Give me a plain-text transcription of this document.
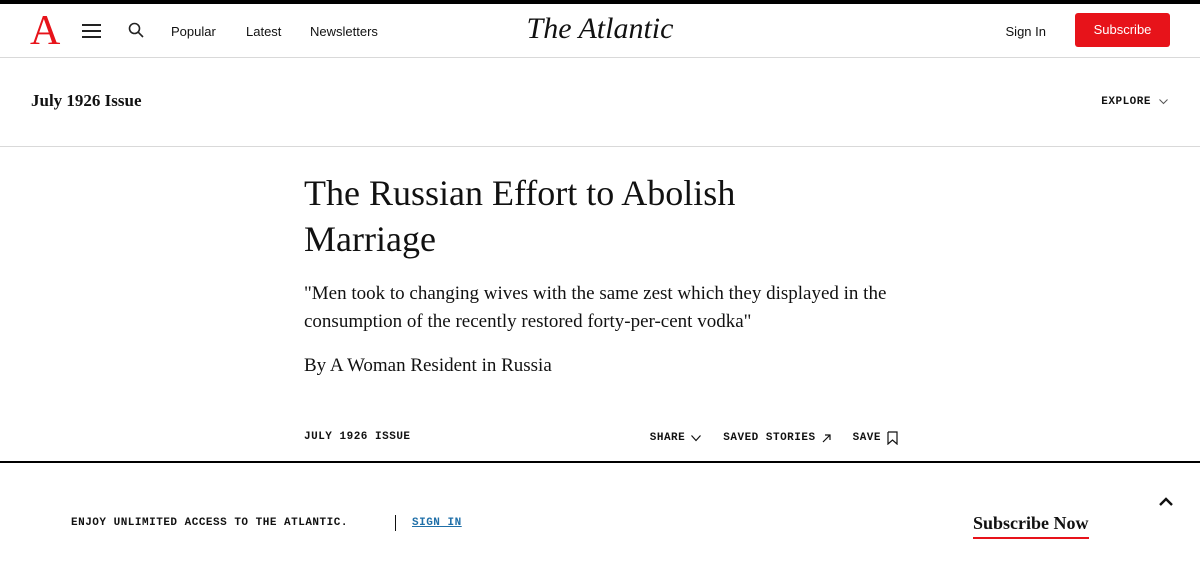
A	Popular Latest Newsletters	The Atlantic	Sign In	Subscribe
July 1926 Issue	EXPLORE
The Russian Effort to Abolish Marriage

"Men took to changing wives with the same zest which they displayed in the consumption of the recently restored forty-per-cent vodka"

By A Woman Resident in Russia

JULY 1926 ISSUE	SHARE	SAVED STORIES	SAVE
ENJOY UNLIMITED ACCESS TO THE ATLANTIC.	SIGN IN	Subscribe Now
